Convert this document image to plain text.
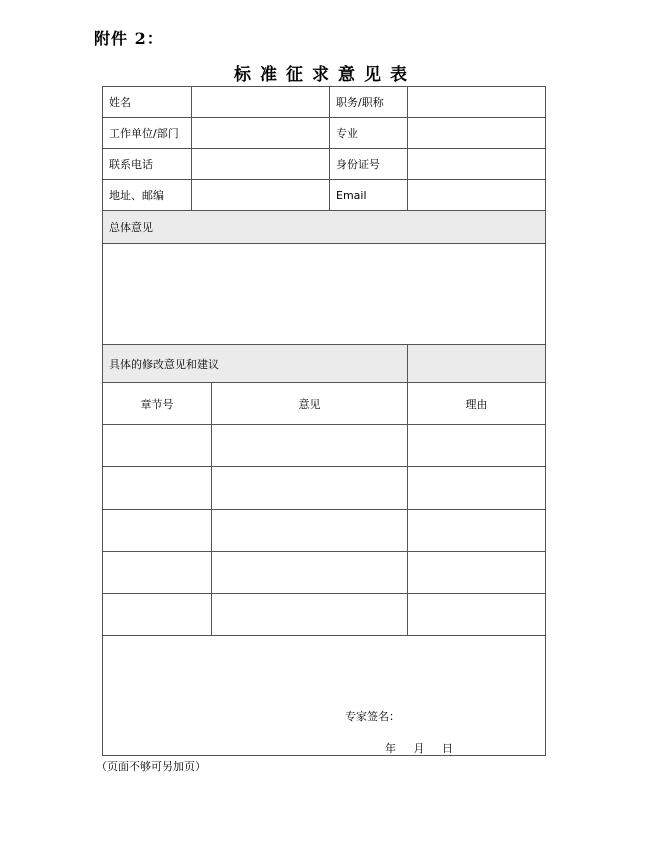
附件 2：
标准征求意见表
姓名			职务/职称	
工作单位/部门			专业	
联系电话			身份证号	
地址、邮编			Email	
总体意见				

具体的修改意见和建议				
章节号		意见		理由

专家签名：
年 月 日				
（页面不够可另加页）
